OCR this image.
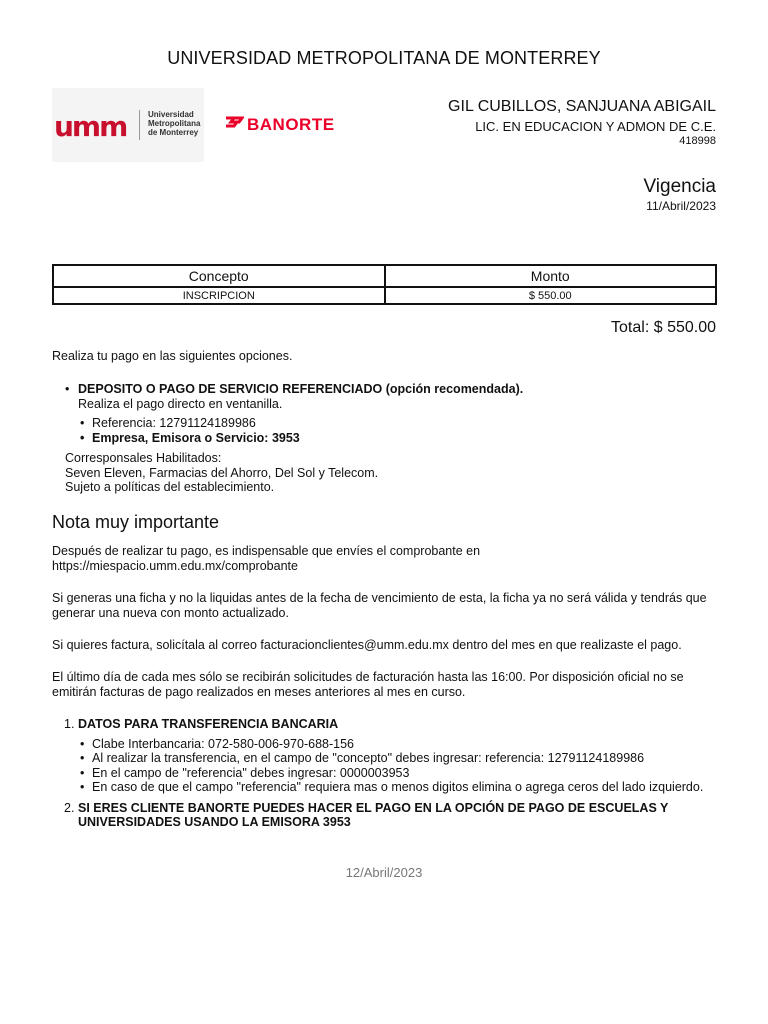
UNIVERSIDAD METROPOLITANA DE MONTERREY
umm	Universidad
Metropolitana
de Monterrey	BANORTE
GIL CUBILLOS, SANJUANA ABIGAIL
LIC. EN EDUCACION Y ADMON DE C.E.
418998
Vigencia
11/Abril/2023
Concepto	Monto
INSCRIPCION	$ 550.00
Total: $ 550.00
Realiza tu pago en las siguientes opciones.
• DEPOSITO O PAGO DE SERVICIO REFERENCIADO (opción recomendada).
Realiza el pago directo en ventanilla.
• Referencia: 12791124189986
• Empresa, Emisora o Servicio: 3953
Corresponsales Habilitados:
Seven Eleven, Farmacias del Ahorro, Del Sol y Telecom.
Sujeto a políticas del establecimiento.
Nota muy importante
Después de realizar tu pago, es indispensable que envíes el comprobante en
https://miespacio.umm.edu.mx/comprobante
Si generas una ficha y no la liquidas antes de la fecha de vencimiento de esta, la ficha ya no será válida y tendrás que generar una nueva con monto actualizado.
Si quieres factura, solicítala al correo facturacionclientes@umm.edu.mx dentro del mes en que realizaste el pago.
El último día de cada mes sólo se recibirán solicitudes de facturación hasta las 16:00. Por disposición oficial no se emitirán facturas de pago realizados en meses anteriores al mes en curso.
1. DATOS PARA TRANSFERENCIA BANCARIA
• Clabe Interbancaria: 072-580-006-970-688-156
• Al realizar la transferencia, en el campo de "concepto" debes ingresar: referencia: 12791124189986
• En el campo de "referencia" debes ingresar: 0000003953
• En caso de que el campo "referencia" requiera mas o menos digitos elimina o agrega ceros del lado izquierdo.
2. SI ERES CLIENTE BANORTE PUEDES HACER EL PAGO EN LA OPCIÓN DE PAGO DE ESCUELAS Y UNIVERSIDADES USANDO LA EMISORA 3953
12/Abril/2023
